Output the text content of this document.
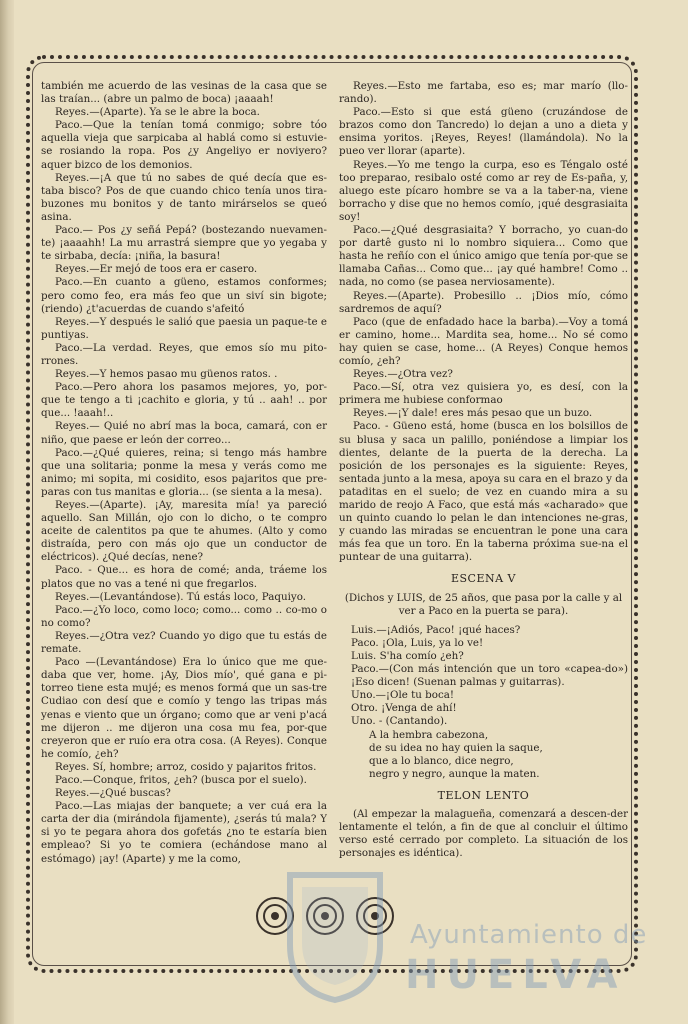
también me acuerdo de las vesinas de la casa que se las traían... (abre un palmo de boca) ¡aaaah!

Reyes.—(Aparte). Ya se le abre la boca.

Paco.—Que la tenían tomá conmigo; sobre tóo aquella vieja que sarpicaba al hablá como si estuvie-se rosiando la ropa. Pos ¿y Angeliyo er noviyero? aquer bizco de los demonios.

Reyes.—¡A que tú no sabes de qué decía que es-taba bisco? Pos de que cuando chico tenía unos tira-buzones mu bonitos y de tanto mirárselos se queó asina.

Paco.— Pos ¿y señá Pepá? (bostezando nuevamen-te) ¡aaaahh! La mu arrastrá siempre que yo yegaba y te sirbaba, decía: ¡niña, la basura!

Reyes.—Er mejó de toos era er casero.

Paco.—En cuanto a güeno, estamos conformes; pero como feo, era más feo que un siví sin bigote; (riendo) ¿t'acuerdas de cuando s'afeitó

Reyes.—Y después le salió que paesia un paque-te e puntiyas.

Paco.—La verdad. Reyes, que emos sío mu pito-rrones.

Reyes.—Y hemos pasao mu güenos ratos. .

Paco.—Pero ahora los pasamos mejores, yo, por-que te tengo a ti ¡cachito e gloria, y tú .. aah! .. por que... !aaah!..

Reyes.— Quié no abrí mas la boca, camará, con er niño, que paese er león der correo...

Paco.—¿Qué quieres, reina; si tengo más hambre que una solitaria; ponme la mesa y verás como me animo; mi sopita, mi cosidito, esos pajaritos que pre-paras con tus manitas e gloria... (se sienta a la mesa).

Reyes.—(Aparte). ¡Ay, maresita mía! ya pareció aquello. San Millán, ojo con lo dicho, o te compro aceite de calentitos pa que te ahumes. (Alto y como distraída, pero con más ojo que un conductor de eléctricos). ¿Qué decías, nene?

Paco. - Que... es hora de comé; anda, tráeme los platos que no vas a tené ni que fregarlos.

Reyes.—(Levantándose). Tú estás loco, Paquiyo.

Paco.—¿Yo loco, como loco; como... como .. co-mo o no como?

Reyes.—¿Otra vez? Cuando yo digo que tu estás de remate.

Paco —(Levantándose) Era lo único que me que-daba que ver, home. ¡Ay, Dios mío', qué gana e pi-torreo tiene esta mujé; es menos formá que un sas-tre Cudiao con desí que e comío y tengo las tripas más yenas e viento que un órgano; como que ar veni p'acá me dijeron .. me dijeron una cosa mu fea, por-que creyeron que er ruío era otra cosa. (A Reyes). Conque he comío, ¿eh?

Reyes. Sí, hombre; arroz, cosido y pajaritos fritos.

Paco.—Conque, fritos, ¿eh? (busca por el suelo).

Reyes.—¿Qué buscas?

Paco.—Las miajas der banquete; a ver cuá era la carta der dia (mirándola fijamente), ¿serás tú mala? Y si yo te pegara ahora dos gofetás ¿no te estaría bien empleao? Si yo te comiera (echándose mano al estómago) ¡ay! (Aparte) y me la como,

Reyes.—Esto me fartaba, eso es; mar marío (llo-rando).

Paco.—Esto si que está güeno (cruzándose de brazos como don Tancredo) lo dejan a uno a dieta y ensima yoritos. ¡Reyes, Reyes! (llamándola). No la pueo ver llorar (aparte).

Reyes.—Yo me tengo la curpa, eso es Téngalo osté too preparao, resibalo osté como ar rey de Es-paña, y, aluego este pícaro hombre se va a la taber-na, viene borracho y dise que no hemos comío, ¡qué desgrasiaita soy!

Paco.—¿Qué desgrasiaita? Y borracho, yo cuan-do por dartê gusto ni lo nombro siquiera... Como que hasta he reñío con el único amigo que tenía por-que se llamaba Cañas... Como que... ¡ay qué hambre! Como .. nada, no como (se pasea nerviosamente).

Reyes.—(Aparte). Probesillo .. ¡Dios mío, cómo sardremos de aquí?

Paco (que de enfadado hace la barba).—Voy a tomá er camino, home... Mardita sea, home... No sé como hay quien se case, home... (A Reyes) Conque hemos comío, ¿eh?

Reyes.—¿Otra vez?

Paco.—Sí, otra vez quisiera yo, es desí, con la primera me hubiese conformao

Reyes.—¡Y dale! eres más pesao que un buzo.

Paco. - Güeno está, home (busca en los bolsillos de su blusa y saca un palillo, poniéndose a limpiar los dientes, delante de la puerta de la derecha. La posición de los personajes es la siguiente: Reyes, sentada junto a la mesa, apoya su cara en el brazo y da pataditas en el suelo; de vez en cuando mira a su marido de reojo A Faco, que está más «acharado» que un quinto cuando lo pelan le dan intenciones ne-gras, y cuando las miradas se encuentran le pone una cara más fea que un toro. En la taberna próxima sue-na el puntear de una guitarra).

ESCENA V

(Dichos y LUIS, de 25 años, que pasa por la calle y al ver a Paco en la puerta se para).

Luis.—¡Adiós, Paco! ¡qué haces?

Paco. ¡Ola, Luis, ya lo ve!

Luis. S'ha comío ¿eh?

Paco.—(Con más intención que un toro «capea-do») ¡Eso dicen! (Suenan palmas y guitarras).

Uno.—¡Ole tu boca!

Otro. ¡Venga de ahí!

Uno. - (Cantando).

A la hembra cabezona,

de su idea no hay quien la saque,

que a lo blanco, dice negro,

negro y negro, aunque la maten.

TELON LENTO

(Al empezar la malagueña, comenzará a descen-der lentamente el telón, a fin de que al concluir el último verso esté cerrado por completo. La situación de los personajes es idéntica).

Ayuntamiento de
HUELVA
